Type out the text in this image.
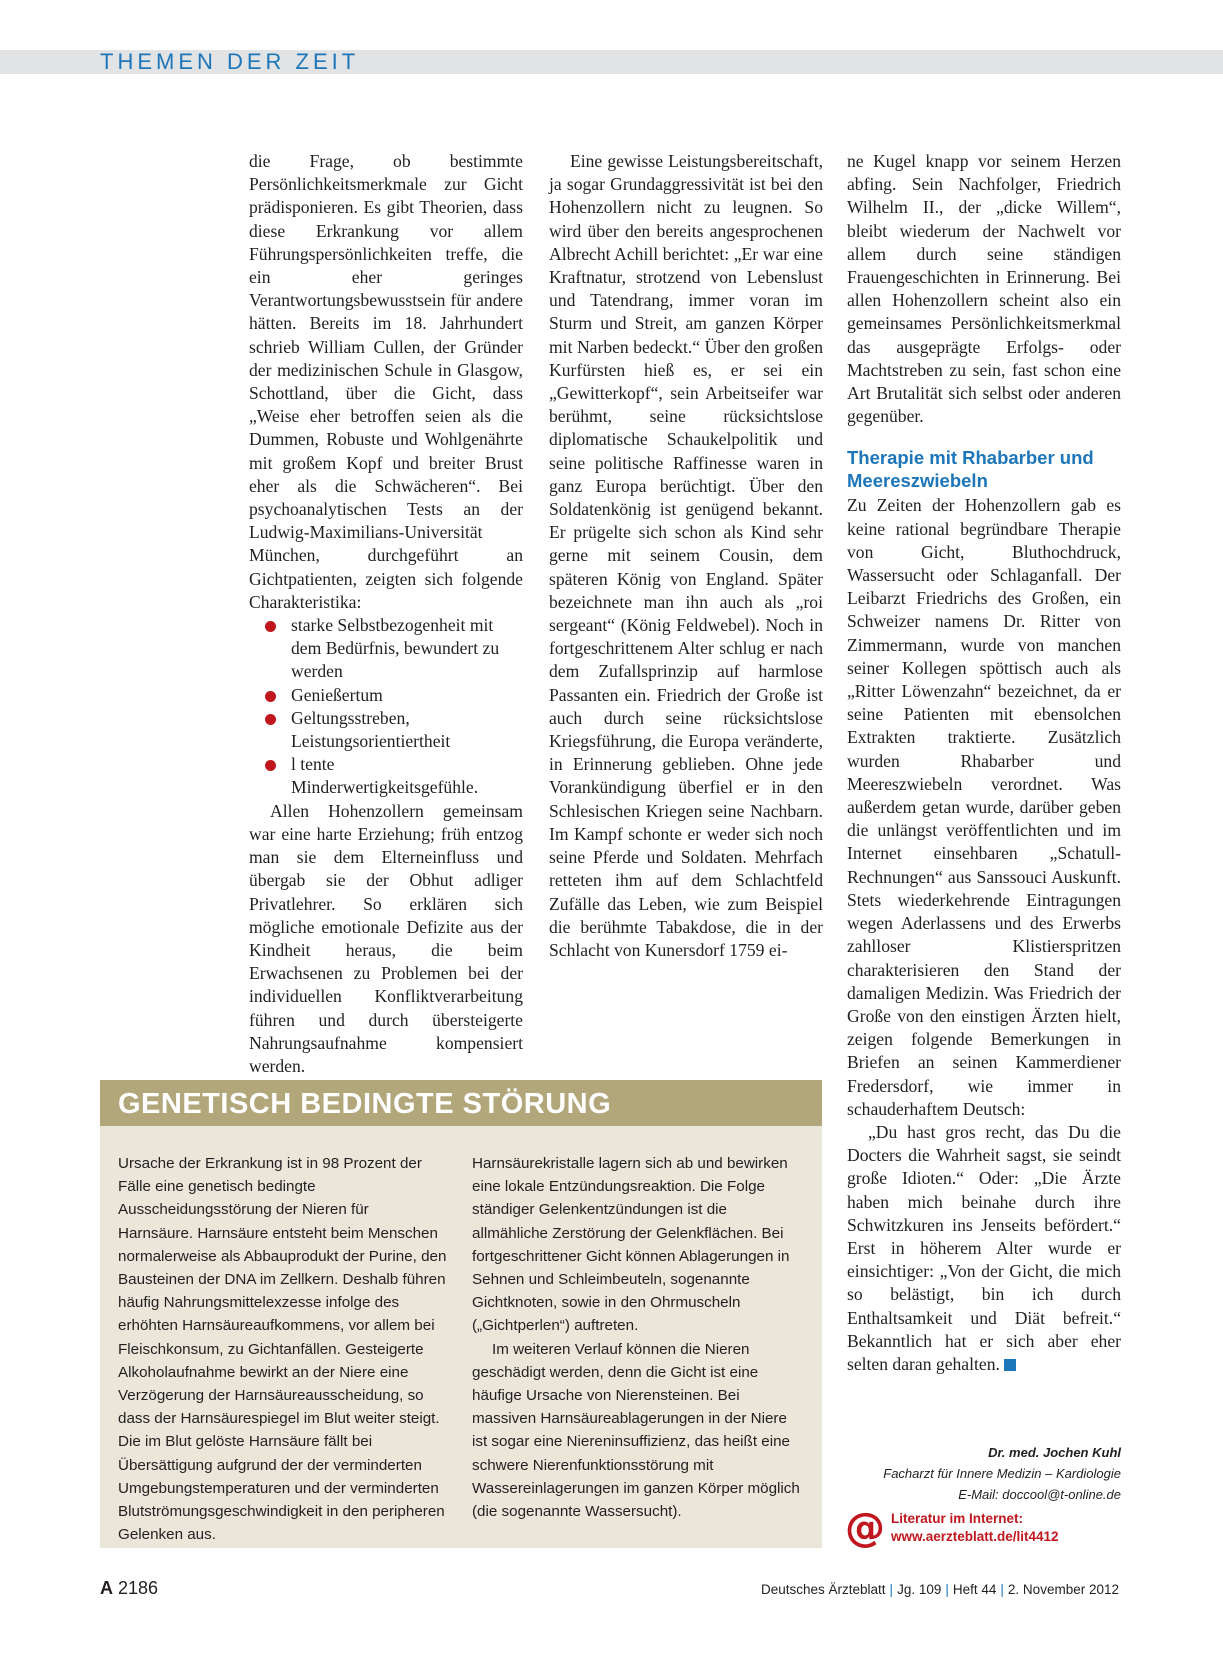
THEMEN DER ZEIT

die Frage, ob bestimmte Persönlichkeitsmerkmale zur Gicht prädisponieren. Es gibt Theorien, dass diese Erkrankung vor allem Führungspersönlichkeiten treffe, die ein eher geringes Verantwortungsbewusstsein für andere hätten. Bereits im 18. Jahrhundert schrieb William Cullen, der Gründer der medizinischen Schule in Glasgow, Schottland, über die Gicht, dass „Weise eher betroffen seien als die Dummen, Robuste und Wohlgenährte mit großem Kopf und breiter Brust eher als die Schwächeren“. Bei psychoanalytischen Tests an der Ludwig-Maximilians-Universität München, durchgeführt an Gichtpatienten, zeigten sich folgende Charakteristika:

starke Selbstbezogenheit mit dem Bedürfnis, bewundert zu werden
Genießertum
Geltungsstreben, Leistungsorientiertheit
l tente Minderwertigkeitsgefühle.

Allen Hohenzollern gemeinsam war eine harte Erziehung; früh entzog man sie dem Elterneinfluss und übergab sie der Obhut adliger Privatlehrer. So erklären sich mögliche emotionale Defizite aus der Kindheit heraus, die beim Erwachsenen zu Problemen bei der individuellen Konfliktverarbeitung führen und durch übersteigerte Nahrungsaufnahme kompensiert werden.

Eine gewisse Leistungsbereitschaft, ja sogar Grundaggressivität ist bei den Hohenzollern nicht zu leugnen. So wird über den bereits angesprochenen Albrecht Achill berichtet: „Er war eine Kraftnatur, strotzend von Lebenslust und Tatendrang, immer voran im Sturm und Streit, am ganzen Körper mit Narben bedeckt.“ Über den großen Kurfürsten hieß es, er sei ein „Gewitterkopf“, sein Arbeitseifer war berühmt, seine rücksichtslose diplomatische Schaukelpolitik und seine politische Raffinesse waren in ganz Europa berüchtigt. Über den Soldatenkönig ist genügend bekannt. Er prügelte sich schon als Kind sehr gerne mit seinem Cousin, dem späteren König von England. Später bezeichnete man ihn auch als „roi sergeant“ (König Feldwebel). Noch in fortgeschrittenem Alter schlug er nach dem Zufallsprinzip auf harmlose Passanten ein. Friedrich der Große ist auch durch seine rücksichtslose Kriegsführung, die Europa veränderte, in Erinnerung geblieben. Ohne jede Vorankündigung überfiel er in den Schlesischen Kriegen seine Nachbarn. Im Kampf schonte er weder sich noch seine Pferde und Soldaten. Mehrfach retteten ihm auf dem Schlachtfeld Zufälle das Leben, wie zum Beispiel die berühmte Tabakdose, die in der Schlacht von Kunersdorf 1759 ei-

ne Kugel knapp vor seinem Herzen abfing. Sein Nachfolger, Friedrich Wilhelm II., der „dicke Willem“, bleibt wiederum der Nachwelt vor allem durch seine ständigen Frauengeschichten in Erinnerung. Bei allen Hohenzollern scheint also ein gemeinsames Persönlichkeitsmerkmal das ausgeprägte Erfolgs- oder Machtstreben zu sein, fast schon eine Art Brutalität sich selbst oder anderen gegenüber.

Therapie mit Rhabarber und Meereszwiebeln

Zu Zeiten der Hohenzollern gab es keine rational begründbare Therapie von Gicht, Bluthochdruck, Wassersucht oder Schlaganfall. Der Leibarzt Friedrichs des Großen, ein Schweizer namens Dr. Ritter von Zimmermann, wurde von manchen seiner Kollegen spöttisch auch als „Ritter Löwenzahn“ bezeichnet, da er seine Patienten mit ebensolchen Extrakten traktierte. Zusätzlich wurden Rhabarber und Meereszwiebeln verordnet. Was außerdem getan wurde, darüber geben die unlängst veröffentlichten und im Internet einsehbaren „Schatull-Rechnungen“ aus Sanssouci Auskunft. Stets wiederkehrende Eintragungen wegen Aderlassens und des Erwerbs zahlloser Klistierspritzen charakterisieren den Stand der damaligen Medizin. Was Friedrich der Große von den einstigen Ärzten hielt, zeigen folgende Bemerkungen in Briefen an seinen Kammerdiener Fredersdorf, wie immer in schauderhaftem Deutsch:

„Du hast gros recht, das Du die Docters die Wahrheit sagst, sie seindt große Idioten.“ Oder: „Die Ärzte haben mich beinahe durch ihre Schwitzkuren ins Jenseits befördert.“ Erst in höherem Alter wurde er einsichtiger: „Von der Gicht, die mich so belästigt, bin ich durch Enthaltsamkeit und Diät befreit.“ Bekanntlich hat er sich aber eher selten daran gehalten.

Dr. med. Jochen Kuhl
Facharzt für Innere Medizin – Kardiologie
E-Mail: doccool@t-online.de
@ Literatur im Internet:
www.aerzteblatt.de/lit4412
GENETISCH BEDINGTE STÖRUNG

Ursache der Erkrankung ist in 98 Prozent der Fälle eine genetisch bedingte Ausscheidungsstörung der Nieren für Harnsäure. Harnsäure entsteht beim Menschen normalerweise als Abbauprodukt der Purine, den Bausteinen der DNA im Zellkern. Deshalb führen häufig Nahrungsmittelexzesse infolge des erhöhten Harnsäureaufkommens, vor allem bei Fleischkonsum, zu Gichtanfällen. Gesteigerte Alkoholaufnahme bewirkt an der Niere eine Verzögerung der Harnsäureausscheidung, so dass der Harnsäurespiegel im Blut weiter steigt. Die im Blut gelöste Harnsäure fällt bei Übersättigung aufgrund der der verminderten Umgebungstemperaturen und der verminderten Blutströmungsgeschwindigkeit in den peripheren Gelenken aus.

Harnsäurekristalle lagern sich ab und bewirken eine lokale Entzündungsreaktion. Die Folge ständiger Gelenkentzündungen ist die allmähliche Zerstörung der Gelenkflächen. Bei fortgeschrittener Gicht können Ablagerungen in Sehnen und Schleimbeuteln, sogenannte Gichtknoten, sowie in den Ohrmuscheln („Gichtperlen“) auftreten.

Im weiteren Verlauf können die Nieren geschädigt werden, denn die Gicht ist eine häufige Ursache von Nierensteinen. Bei massiven Harnsäureablagerungen in der Niere ist sogar eine Niereninsuffizienz, das heißt eine schwere Nierenfunktionsstörung mit Wassereinlagerungen im ganzen Körper möglich (die sogenannte Wassersucht).

A 2186	Deutsches Ärzteblatt | Jg. 109 | Heft 44 | 2. November 2012
